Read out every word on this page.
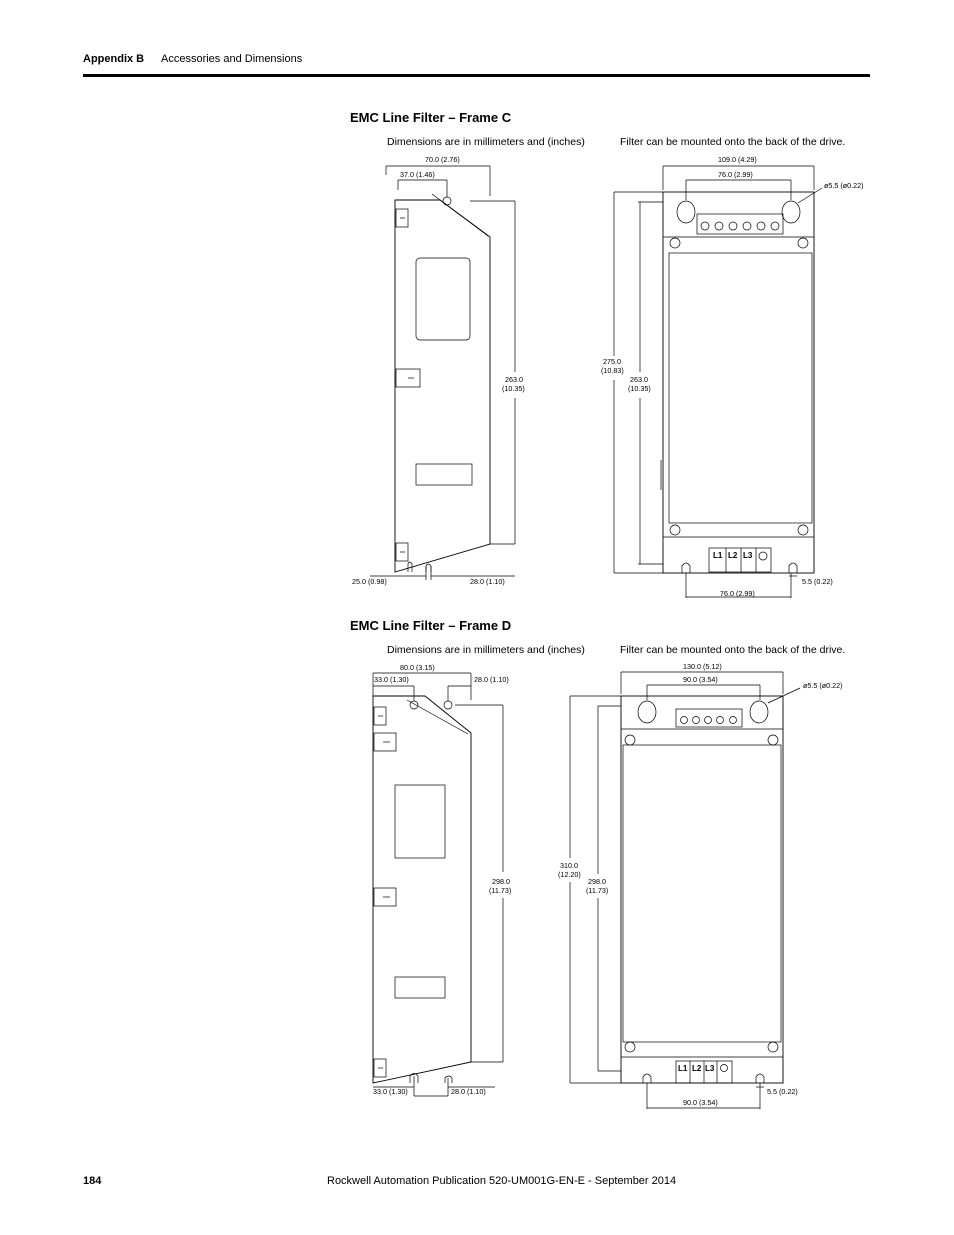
Appendix B Accessories and Dimensions
EMC Line Filter – Frame C
Dimensions are in millimeters and (inches)	Filter can be mounted onto the back of the drive.
EMC Line Filter – Frame D
Dimensions are in millimeters and (inches)	Filter can be mounted onto the back of the drive.
70.0 (2.76)
37.0 (1.46)
263.0
(10.35)
25.0 (0.98)	28.0 (1.10)
109.0 (4.29)
76.0 (2.99)
ø5.5 (ø0.22)
275.0
(10.83)
263.0
(10.35)
5.5 (0.22)
76.0 (2.99)
L1 L2 L3
80.0 (3.15)
33.0 (1.30)	28.0 (1.10)
298.0
(11.73)
33.0 (1.30)	28.0 (1.10)
130.0 (5.12)
90.0 (3.54)
ø5.5 (ø0.22)
310.0
(12.20)
298.0
(11.73)
5.5 (0.22)
90.0 (3.54)
L1 L2 L3
184	Rockwell Automation Publication 520-UM001G-EN-E - September 2014
